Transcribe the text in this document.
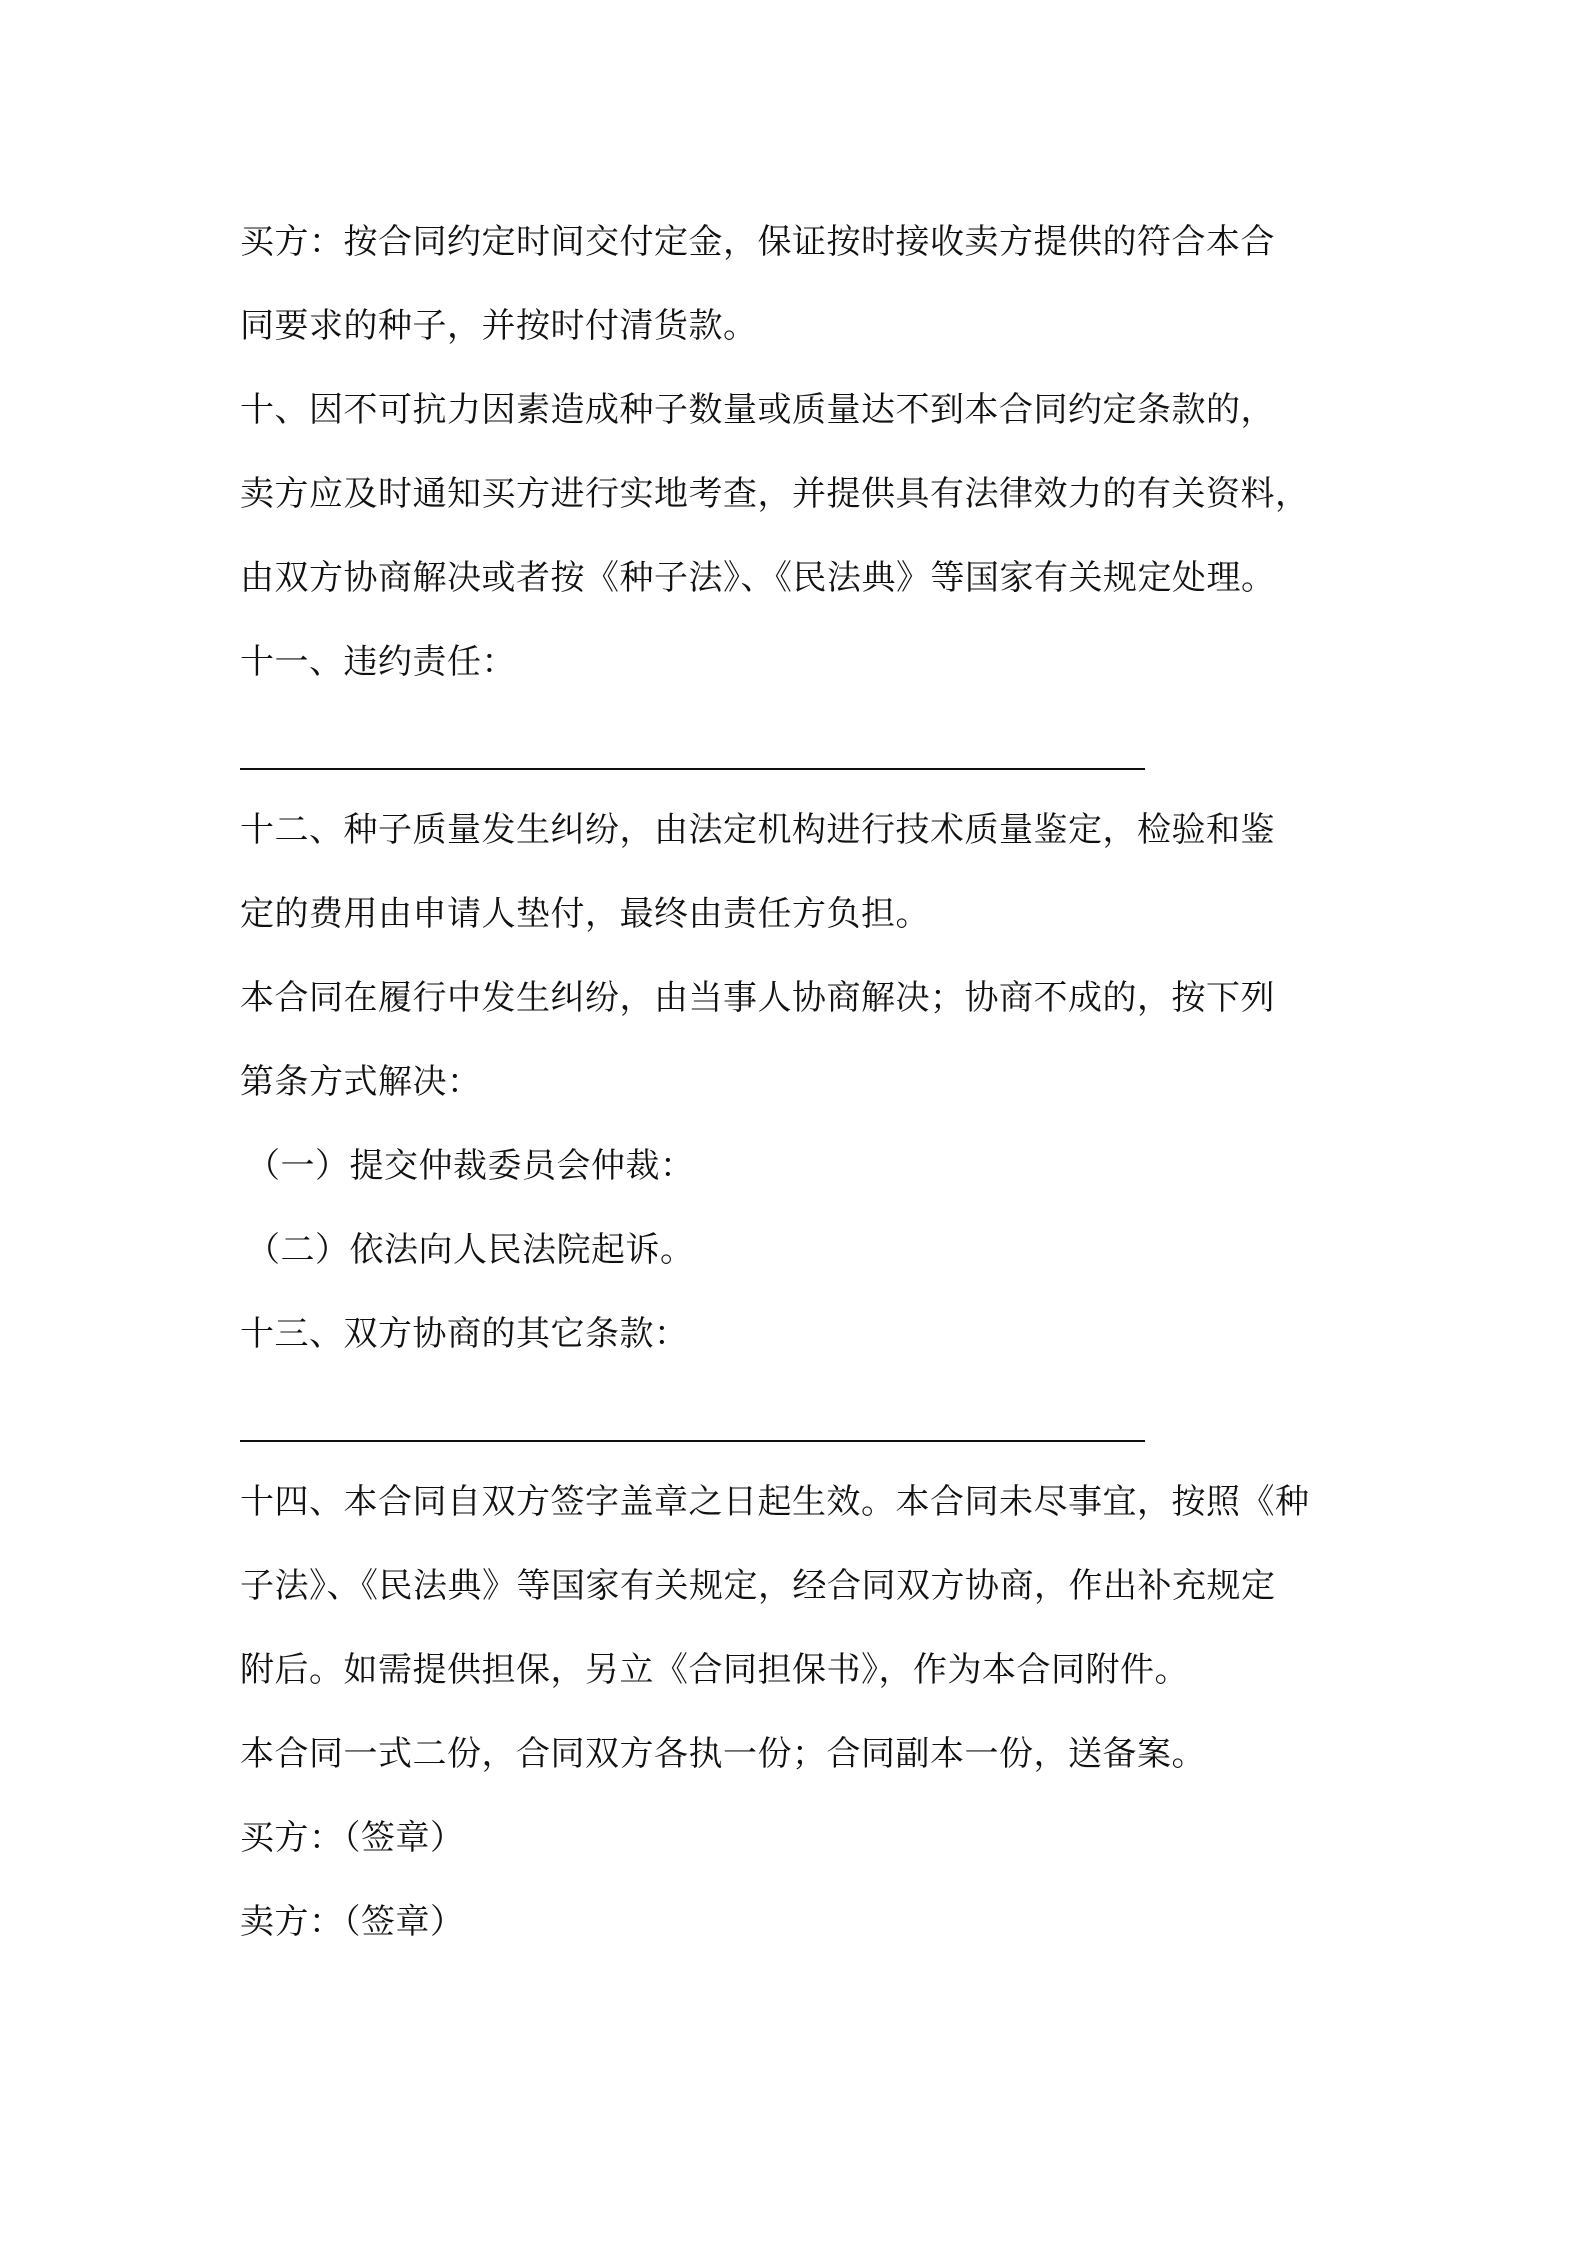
买方：按合同约定时间交付定金，保证按时接收卖方提供的符合本合
同要求的种子，并按时付清货款。
十、因不可抗力因素造成种子数量或质量达不到本合同约定条款的，
卖方应及时通知买方进行实地考查，并提供具有法律效力的有关资料，
由双方协商解决或者按《种子法》、《民法典》等国家有关规定处理。
十一、违约责任：
十二、种子质量发生纠纷，由法定机构进行技术质量鉴定，检验和鉴
定的费用由申请人垫付，最终由责任方负担。
本合同在履行中发生纠纷，由当事人协商解决；协商不成的，按下列
第条方式解决：
（一）提交仲裁委员会仲裁：
（二）依法向人民法院起诉。
十三、双方协商的其它条款：
十四、本合同自双方签字盖章之日起生效。本合同未尽事宜，按照《种
子法》、《民法典》等国家有关规定，经合同双方协商，作出补充规定
附后。如需提供担保，另立《合同担保书》，作为本合同附件。
本合同一式二份，合同双方各执一份；合同副本一份，送备案。
买方：（签章）
卖方：（签章）
